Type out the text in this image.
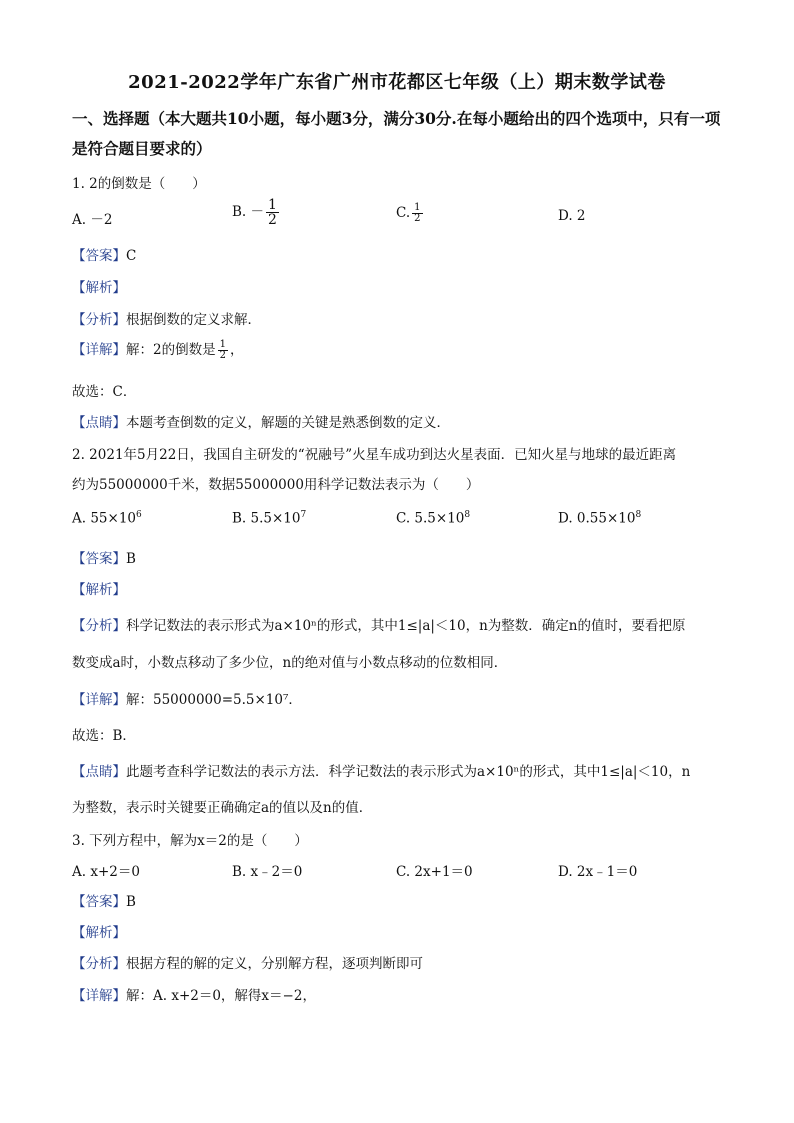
2021-2022学年广东省广州市花都区七年级（上）期末数学试卷
一、选择题（本大题共10小题，每小题3分，满分30分.在每小题给出的四个选项中，只有一项是符合题目要求的）
1. 2的倒数是（　　）
A. －2	B. － $\frac{1}{2}$	C. $\frac{1}{2}$	D. 2
【答案】C
【解析】
【分析】根据倒数的定义求解．
【详解】解：2的倒数是 $\frac{1}{2}$ ，
故选：C．
【点睛】本题考查倒数的定义，解题的关键是熟悉倒数的定义．
2. 2021年5月22日，我国自主研发的“祝融号”火星车成功到达火星表面．已知火星与地球的最近距离
约为55000000千米，数据55000000用科学记数法表示为（　　）
A. $55\times 10^6$	B. $5.5\times 10^7$	C. $5.5\times 10^8$	D. $0.55\times 10^8$
【答案】B
【解析】
【分析】科学记数法的表示形式为a×10ⁿ的形式，其中1≤|a|＜10，n为整数．确定n的值时，要看把原
数变成a时，小数点移动了多少位，n的绝对值与小数点移动的位数相同．
【详解】解：55000000=5.5×10⁷．
故选：B．
【点睛】此题考查科学记数法的表示方法．科学记数法的表示形式为a×10ⁿ的形式，其中1≤|a|＜10，n
为整数，表示时关键要正确确定a的值以及n的值．
3. 下列方程中，解为x＝2的是（　　）
A. x+2＝0	B. x﹣2＝0	C. 2x+1＝0	D. 2x﹣1＝0
【答案】B
【解析】
【分析】根据方程的解的定义，分别解方程，逐项判断即可
【详解】解：A. x+2＝0，解得x＝−2，
